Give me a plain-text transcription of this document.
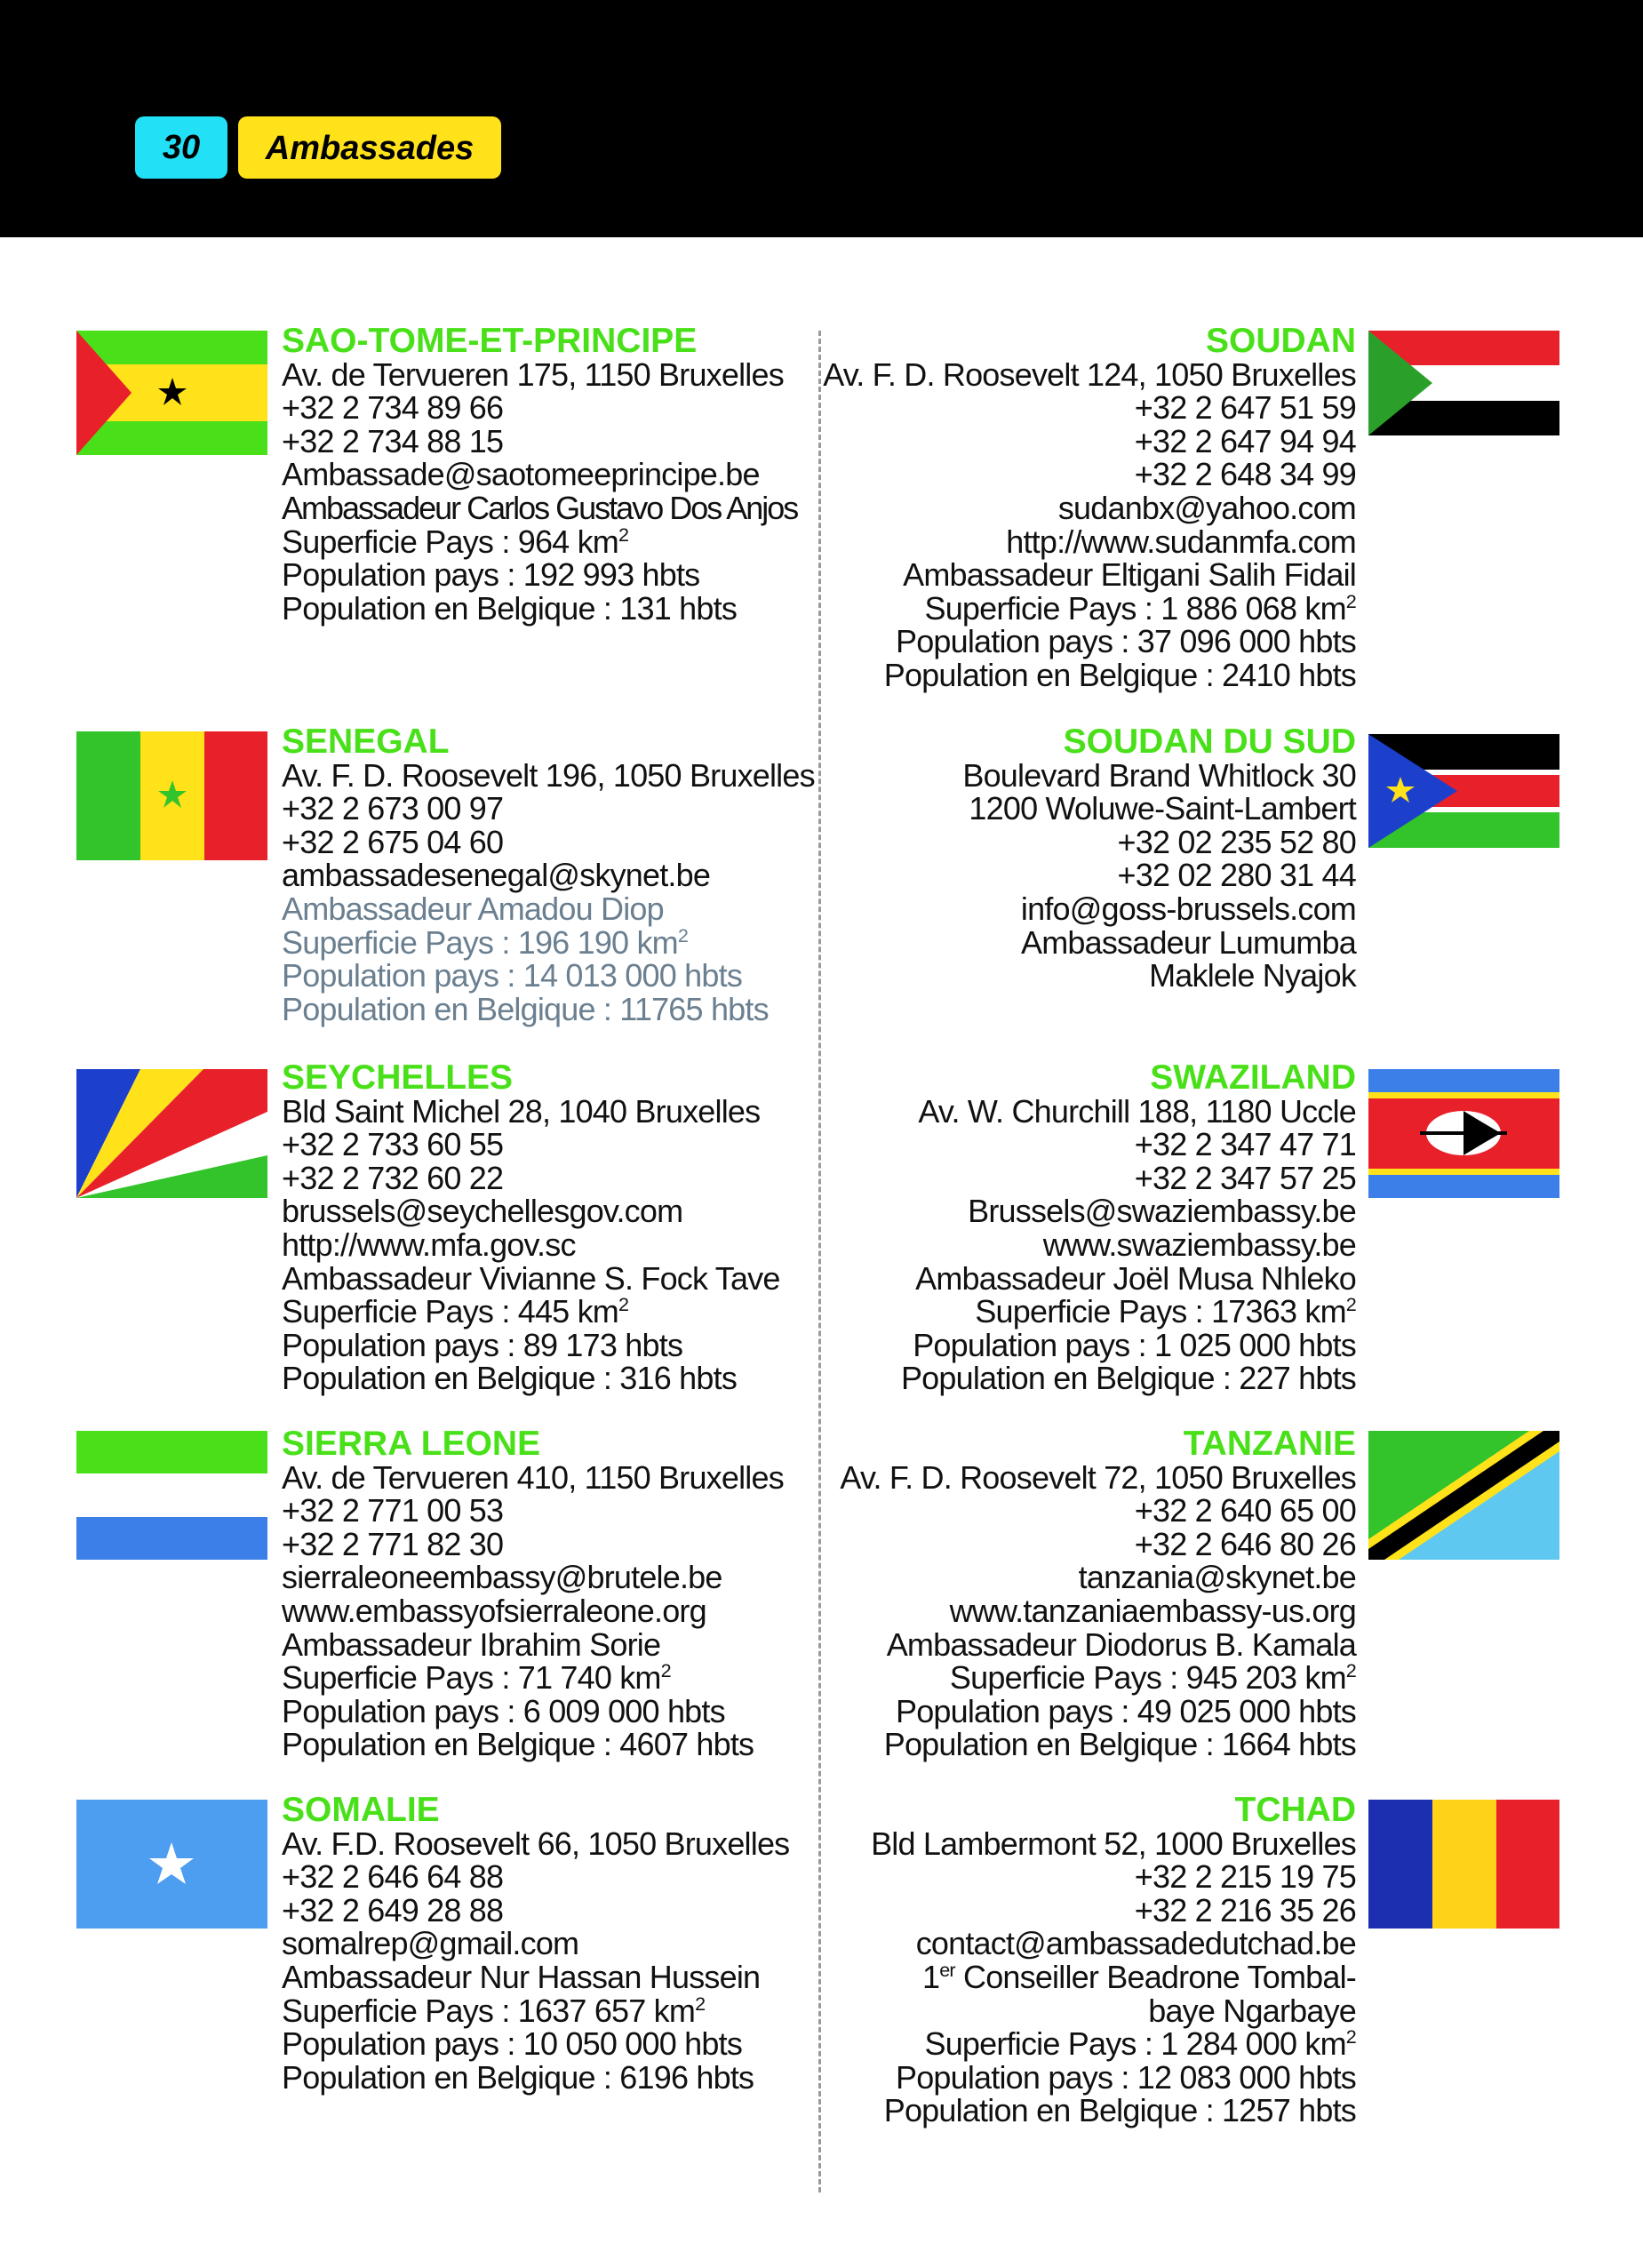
30	Ambassades
SAO-TOME-ET-PRINCIPE
Av. de Tervueren 175, 1150 Bruxelles
+32 2 734 89 66
+32 2 734 88 15
Ambassade@saotomeeprincipe.be
Ambassadeur Carlos Gustavo Dos Anjos
Superficie Pays : 964 $km^2$
Population pays : 192 993 hbts
Population en Belgique : 131 hbts
SENEGAL
Av. F. D. Roosevelt 196, 1050 Bruxelles
+32 2 673 00 97
+32 2 675 04 60
ambassadesenegal@skynet.be
Ambassadeur Amadou Diop
Superficie Pays : 196 190 $km^2$
Population pays : 14 013 000 hbts
Population en Belgique : 11765 hbts
SEYCHELLES
Bld Saint Michel 28, 1040 Bruxelles
+32 2 733 60 55
+32 2 732 60 22
brussels@seychellesgov.com
http://www.mfa.gov.sc
Ambassadeur Vivianne S. Fock Tave
Superficie Pays : 445 $km^2$
Population pays : 89 173 hbts
Population en Belgique : 316 hbts
SIERRA LEONE
Av. de Tervueren 410, 1150 Bruxelles
+32 2 771 00 53
+32 2 771 82 30
sierraleoneembassy@brutele.be
www.embassyofsierraleone.org
Ambassadeur Ibrahim Sorie
Superficie Pays : 71 740 $km^2$
Population pays : 6 009 000 hbts
Population en Belgique : 4607 hbts
SOMALIE
Av. F.D. Roosevelt 66, 1050 Bruxelles
+32 2 646 64 88
+32 2 649 28 88
somalrep@gmail.com
Ambassadeur Nur Hassan Hussein
Superficie Pays : 1637 657 $km^2$
Population pays : 10 050 000 hbts
Population en Belgique : 6196 hbts
SOUDAN
Av. F. D. Roosevelt 124, 1050 Bruxelles
+32 2 647 51 59
+32 2 647 94 94
+32 2 648 34 99
sudanbx@yahoo.com
http://www.sudanmfa.com
Ambassadeur Eltigani Salih Fidail
Superficie Pays : 1 886 068 $km^2$
Population pays : 37 096 000 hbts
Population en Belgique : 2410 hbts
SOUDAN DU SUD
Boulevard Brand Whitlock 30
1200 Woluwe-Saint-Lambert
+32 02 235 52 80
+32 02 280 31 44
info@goss-brussels.com
Ambassadeur Lumumba
Maklele Nyajok
SWAZILAND
Av. W. Churchill 188, 1180 Uccle
+32 2 347 47 71
+32 2 347 57 25
Brussels@swaziembassy.be
www.swaziembassy.be
Ambassadeur Joël Musa Nhleko
Superficie Pays : 17363 $km^2$
Population pays : 1 025 000 hbts
Population en Belgique : 227 hbts
TANZANIE
Av. F. D. Roosevelt 72, 1050 Bruxelles
+32 2 640 65 00
+32 2 646 80 26
tanzania@skynet.be
www.tanzaniaembassy-us.org
Ambassadeur Diodorus B. Kamala
Superficie Pays : 945 203 $km^2$
Population pays : 49 025 000 hbts
Population en Belgique : 1664 hbts
TCHAD
Bld Lambermont 52, 1000 Bruxelles
+32 2 215 19 75
+32 2 216 35 26
contact@ambassadedutchad.be
1er Conseiller Beadrone Tombal-
baye Ngarbaye
Superficie Pays : 1 284 000 $km^2$
Population pays : 12 083 000 hbts
Population en Belgique : 1257 hbts
